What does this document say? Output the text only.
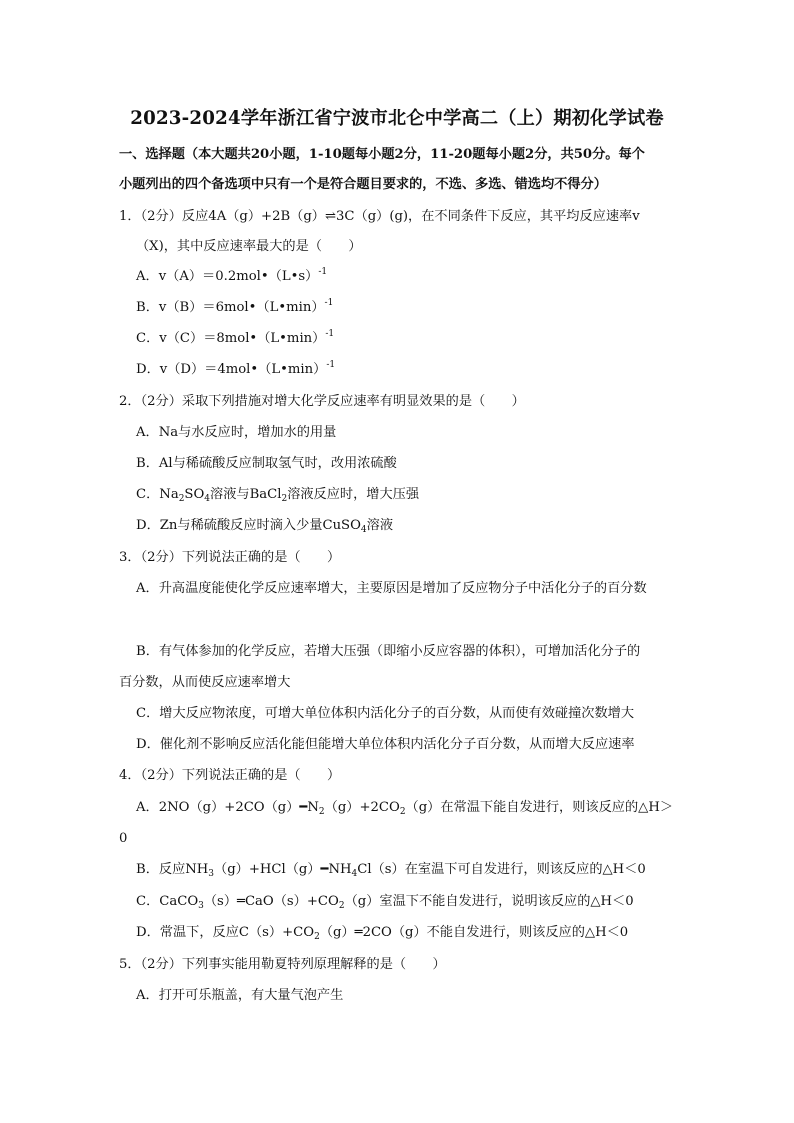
2023-2024学年浙江省宁波市北仑中学高二（上）期初化学试卷
一、选择题（本大题共20小题，1-10题每小题2分，11-20题每小题2分，共50分。每个
小题列出的四个备选项中只有一个是符合题目要求的，不选、多选、错选均不得分）
1．（2分）反应4A（g）+2B（g）⇌3C（g）(g)，在不同条件下反应，其平均反应速率v
（X)，其中反应速率最大的是（　　）
A．v（A）＝0.2mol•（L•s）$^{-1}$
B．v（B）＝6mol•（L•min）$^{-1}$
C．v（C）＝8mol•（L•min）$^{-1}$
D．v（D）＝4mol•（L•min）$^{-1}$
2．（2分）采取下列措施对增大化学反应速率有明显效果的是（　　）
A．Na与水反应时，增加水的用量
B．Al与稀硫酸反应制取氢气时，改用浓硫酸
C．$Na_2SO_4$溶液与BaCl$_2$溶液反应时，增大压强
D．Zn与稀硫酸反应时滴入少量CuSO$_4$溶液
3．（2分）下列说法正确的是（　　）
A．升高温度能使化学反应速率增大，主要原因是增加了反应物分子中活化分子的百分数
B．有气体参加的化学反应，若增大压强（即缩小反应容器的体积），可增加活化分子的
百分数，从而使反应速率增大
C．增大反应物浓度，可增大单位体积内活化分子的百分数，从而使有效碰撞次数增大
D．催化剂不影响反应活化能但能增大单位体积内活化分子百分数，从而增大反应速率
4．（2分）下列说法正确的是（　　）
A．$2NO(g)+2CO(g)━N_2(g)+2CO_2(g)$在常温下能自发进行，则该反应的△H＞
0
B．反应$NH_3(g)+HCl(g)━NH_4Cl(s)$在室温下可自发进行，则该反应的△H＜0
C．$CaCO_3(s)═CaO(s)+CO_2(g)$室温下不能自发进行，说明该反应的△H＜0
D．常温下，反应$C(s)+CO_2(g)═2CO(g)$不能自发进行，则该反应的△H＜0
5．（2分）下列事实能用勒夏特列原理解释的是（　　）
A．打开可乐瓶盖，有大量气泡产生
